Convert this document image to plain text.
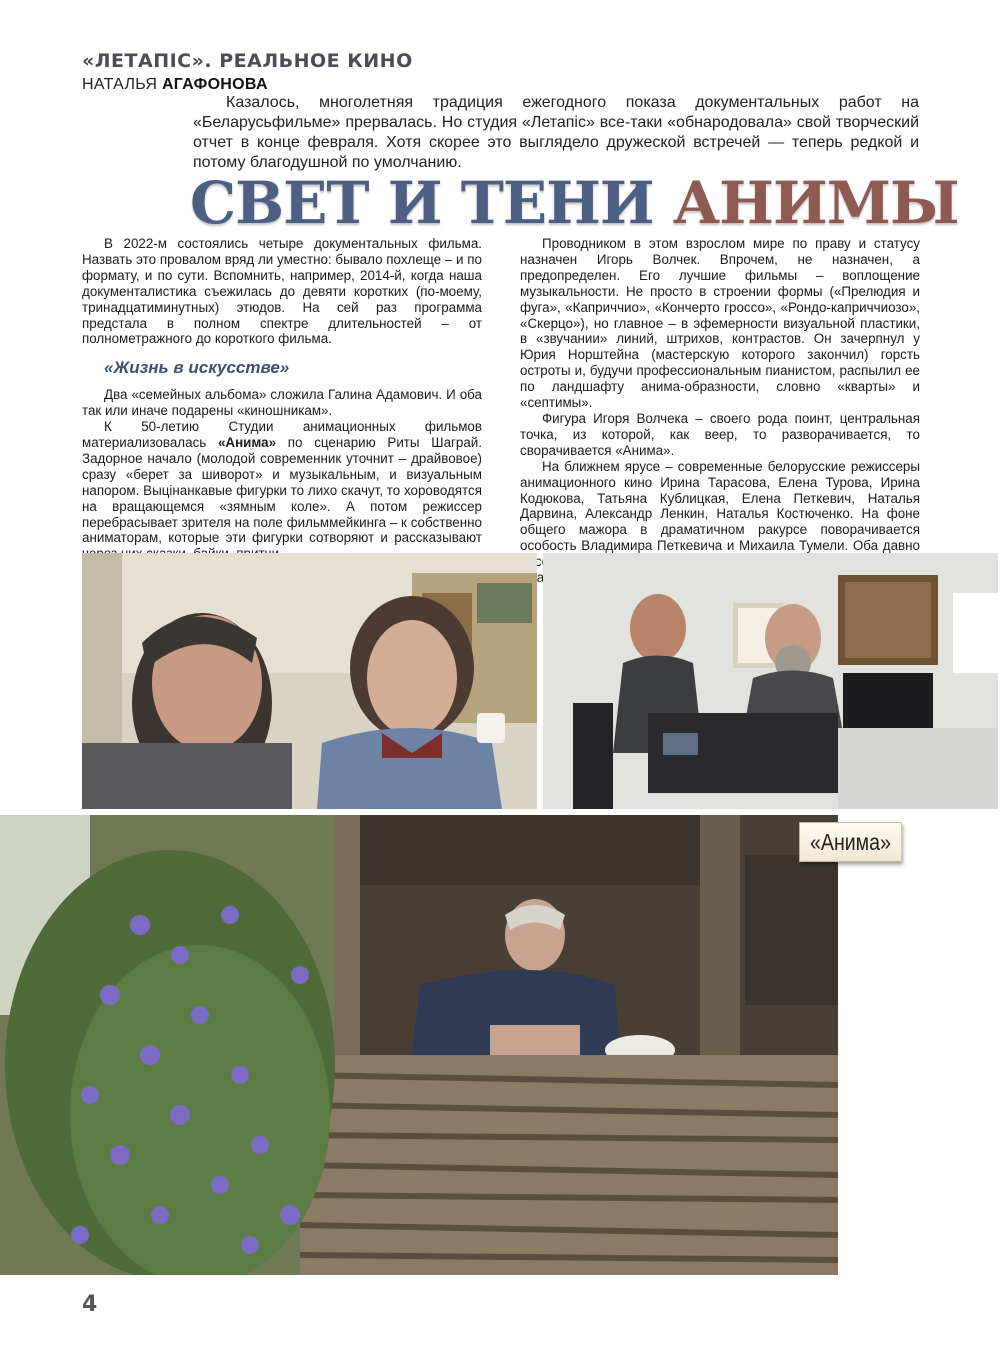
«ЛЕТАПІС». РЕАЛЬНОЕ КИНО
НАТАЛЬЯ АГАФОНОВА

Казалось, многолетняя традиция ежегодного показа документальных работ на «Беларусьфильме» прервалась. Но студия «Летапіс» все-таки «обнародовала» свой творческий отчет в конце февраля. Хотя скорее это выглядело дружеской встречей — теперь редкой и потому благодушной по умолчанию.

СВЕТ И ТЕНИ АНИМЫ

В 2022-м состоялись четыре документальных фильма. Назвать это провалом вряд ли уместно: бывало похлеще – и по формату, и по сути. Вспомнить, например, 2014-й, когда наша документалистика съежилась до девяти коротких (по-моему, тринадцатиминутных) этюдов. На сей раз программа предстала в полном спектре длительностей – от полнометражного до короткого фильма.

«Жизнь в искусстве»

Два «семейных альбома» сложила Галина Адамович. И оба так или иначе подарены «киношникам».

К 50-летию Студии анимационных фильмов материализовалась «Анима» по сценарию Риты Шаграй. Задорное начало (молодой современник уточнит – драйвовое) сразу «берет за шиворот» и музыкальным, и визуальным напором. Выцінанкавые фигурки то лихо скачут, то хороводятся на вращающемся «зямным коле». А потом режиссер перебрасывает зрителя на поле фильммейкинга – к собственно аниматорам, которые эти фигурки сотворяют и рассказывают

Проводником в этом взрослом мире по праву и статусу назначен Игорь Волчек. Впрочем, не назначен, а предопределен. Его лучшие фильмы – воплощение музыкальности. Не просто в строении формы («Прелюдия и фуга», «Каприччио», «Кончерто гроссо», «Рондо-каприччиозо», «Скерцо»), но главное – в эфемерности визуальной пластики, в «звучании» линий, штрихов, контрастов. Он зачерпнул у Юрия Норштейна (мастерскую которого закончил) горсть остроты и, будучи профессиональным пианистом, распылил ее по ландшафту анима-образности, словно «кварты» и «септимы».

Фигура Игоря Волчека – своего рода поинт, центральная точка, из которой, как веер, то разворачивается, то сворачивается «Анима».

На ближнем ярусе – современные белорусские режиссеры анимационного кино Ирина Тарасова, Елена Турова, Ирина Кодюкова, Татьяна Кублицкая, Елена Петкевич, Наталья Дарвина, Александр Ленкин, Наталья Костюченко. На фоне общего мажора в драматичном ракурсе поворачивается особость Владимира Петкевича и Михаила Тумели. Оба давно

«Анима»
4
